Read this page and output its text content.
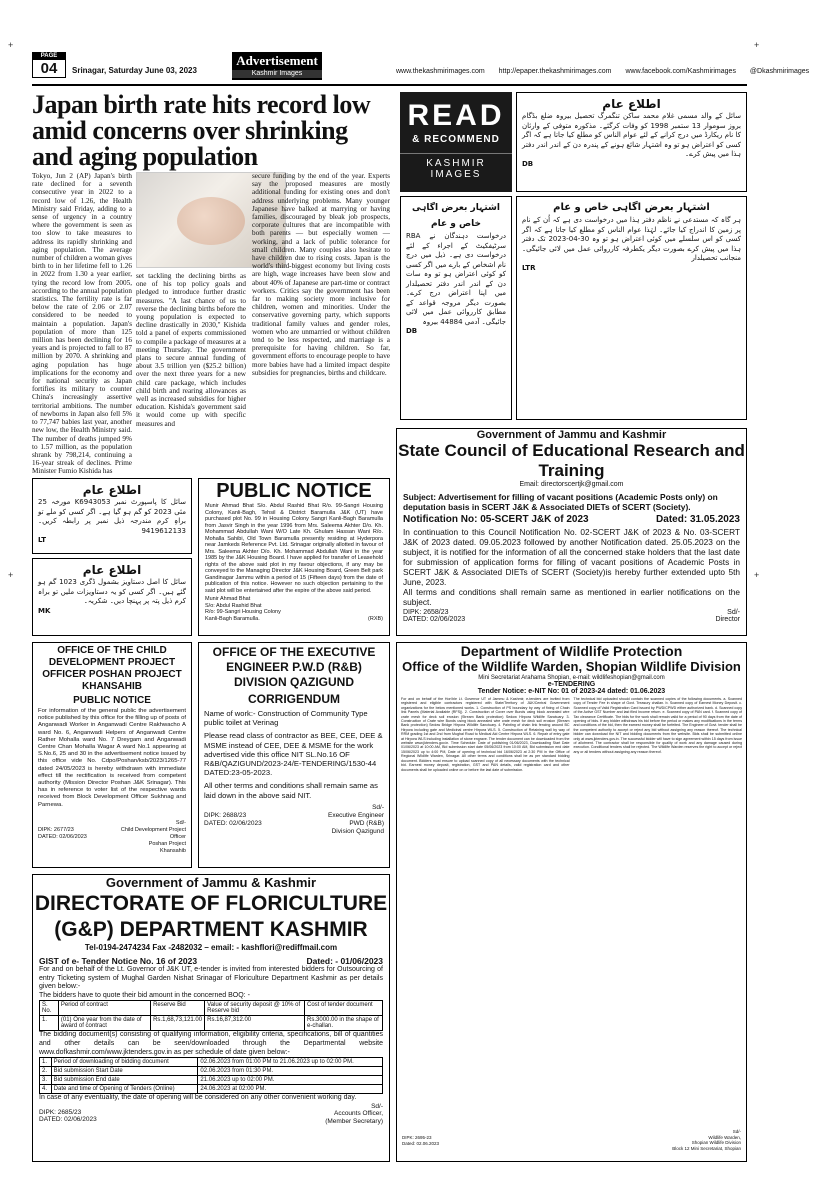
PAGE
04	Srinagar, Saturday June 03, 2023
Advertisement
Kashmir Images	www.thekashmirimages.com http://epaper.thekashmirimages.com www.facebook.com/Kashmirimages @Dkashmirimages
Japan birth rate hits record low amid concerns over shrinking and aging population
Tokyo, Jun 2 (AP) Japan's birth rate declined for a seventh consecutive year in 2022 to a record low of 1.26, the Health Ministry said Friday, adding to a sense of urgency in a country where the government is seen as too slow to take measures to address its rapidly shrinking and aging population. The average number of children a woman gives birth to in her lifetime fell to 1.26 in 2022 from 1.30 a year earlier, tying the record low from 2005, according to the annual population statistics. The fertility rate is far below the rate of 2.06 or 2.07 considered to be needed to maintain a population. Japan's population of more than 125 million has been declining for 16 years and is projected to fall to 87 million by 2070. A shrinking and aging population has huge implications for the economy and for national security as Japan fortifies its military to counter China's increasingly assertive territorial ambitions. The number of newborns in Japan also fell 5% to 77,747 babies last year, another new low, the Health Ministry said. The number of deaths jumped 9% to 1.57 million, as the population shrank by 798,214, continuing a 16-year streak of declines. Prime Minister Fumio Kishida has
set tackling the declining births as one of his top policy goals and pledged to introduce further drastic measures. "A last chance of us to reverse the declining births before the young population is expected to decline drastically in 2030," Kishida told a panel of experts commissioned to compile a package of measures at a meeting Thursday. The government plans to secure annual funding of about 3.5 trillion yen ($25.2 billion) over the next three years for a new child care package, which includes child birth and rearing allowances as well as increased subsidies for higher education. Kishida's government said it would come up with specific measures and
secure funding by the end of the year. Experts say the proposed measures are mostly additional funding for existing ones and don't address underlying problems. Many younger Japanese have balked at marrying or having families, discouraged by bleak job prospects, corporate cultures that are incompatible with both parents — but especially women — working, and a lack of public tolerance for small children. Many couples also hesitate to have children due to rising costs. Japan is the world's third-biggest economy but living costs are high, wage increases have been slow and about 40% of Japanese are part-time or contract workers. Critics say the government has been far to making society more inclusive for children, women and minorities. Under the conservative governing party, which supports traditional family values and gender roles, women who are unmarried or without children tend to be less respected, and marriage is a prerequisite for having children. So far, government efforts to encourage people to have more babies have had a limited impact despite subsidies for pregnancies, births and childcare.
READ
& RECOMMEND
KASHMIR IMAGES
اطلاع عام
سائل کے والد مسمی غلام محمد ساکن تنگمرگ تحصیل بیروہ ضلع بڈگام بروز سوموار 13 ستمبر 1998 کو وفات کرگئے۔ مذکورہ متوفی کے وارثان کا نام ریکارڈ میں درج کرانے کے لئے عوام الناس کو مطلع کیا جاتا ہے کہ اگر کسی کو اعتراض ہو تو وہ اشتہار شائع ہونے کے پندرہ دن کے اندر اندر دفتر ہذا میں پیش کرے۔
DB
اشتہار بعرض اگاہی خاص و عام
درخواست دہندگان نے RBA سرٹیفکیٹ کے اجراء کے لئے درخواست دی ہے۔ ذیل میں درج نام اشخاص کے بارے میں اگر کسی کو کوئی اعتراض ہو تو وہ سات دن کے اندر اندر دفتر تحصیلدار میں اپنا اعتراض درج کرے۔ بصورت دیگر مروجہ قواعد کے مطابق کارروائی عمل میں لائی جائیگی۔ آدمی 44884 بیروہ
DB
اشتہار بعرض اگاہی خاص و عام
ہر گاہ کہ مستدعی نے ناظم دفتر ہذا میں درخواست دی ہے کہ اُن کے نام پر زمین کا اندراج کیا جائے۔ لہٰذا عوام الناس کو مطلع کیا جاتا ہے کہ اگر کسی کو اس سلسلے میں کوئی اعتراض ہو تو وہ 30-04-2023 تک دفتر ہذا میں پیش کرے بصورت دیگر یکطرفہ کارروائی عمل میں لائی جائیگی۔ منجانب تحصیلدار
LTR
اطلاع عام
سائل کا پاسپورٹ نمبر K6943053 مورخہ 25 مئی 2023 کو گم ہو گیا ہے۔ اگر کسی کو ملے تو براہِ کرم مندرجہ ذیل نمبر پر رابطہ کریں۔ 9419612133
LT
اطلاع عام
سائل کا اصل دستاویز بشمول ڈگری 1023 گم ہو گئے ہیں۔ اگر کسی کو یہ دستاویزات ملیں تو براہ کرم ذیل پتہ پر پہنچا دیں۔ شکریہ۔
MK
PUBLIC NOTICE
Munir Ahmad Bhat S/o. Abdul Rashid Bhat R/o. 99-Sangri Housing Colony, Kanli-Bagh, Tehsil & District Baramulla J&K (UT) have purchased plot No. 99 in Housing Colony Sangri Kanli-Bagh Baramulla from Jasvir Singh in the year 1996 from Mrs. Saleema Akhter D/o. Kh. Mohammad Abdullah Wani W/O Late Kh. Ghulam Hassan Wani R/o. Mohalla Sahibi, Old Town Baramulla presently residing at Hyderpora near Jamkeds Reference Pvt. Ltd. Srinagar originally allotted in favour of Mrs. Saleema Akhter D/o. Kh. Mohammad Abdullah Wani in the year 1985 by the J&K Housing Board. I have applied for transfer of Leasehold rights of the above said plot in my favour objections, if any may be conveyed to the Managing Director J&K Housing Board, Green Belt park Gandinagar Jammu within a period of 15 (Fifteen days) from the date of publication of this notice. However no such objection pertaining to the said plot will be entertained after the expire of the above said period.
Munir Ahmad Bhat
S/o: Abdul Rashid Bhat
R/o: 99-Sangri Housing Colony
Kanli-Bagh Baramulla.	(RXB)
Government of Jammu and Kashmir
State Council of Educational Research and Training
Email: directorscertjk@gmail.com
Subject: Advertisement for filling of vacant positions (Academic Posts only) on deputation basis in SCERT J&K & Associated DIETs of SCERT (Society).
Notification No: 05-SCERT J&K of 2023	Dated: 31.05.2023
In continuation to this Council Notification No. 02-SCERT J&K of 2023 & No. 03-SCERT J&K of 2023 dated. 09.05.2023 followed by another Notification dated. 25.05.2023 on the subject, it is notified for the information of all the concerned stake holders that the last date for submission of application forms for filling of vacant positions of Academic Posts in SCERT J&K & Associated DIETs of SCERT (Society)is hereby further extended upto 5th June, 2023.
All terms and conditions shall remain same as mentioned in earlier notifications on the subject.
DIPK: 2658/23
DATED: 02/06/2023
Sd/-
Director
OFFICE OF THE CHILD DEVELOPMENT PROJECT OFFICER POSHAN PROJECT KHANSAHIB
PUBLIC NOTICE
For information of the general public the advertisement notice published by this office for the filling up of posts of Anganwadi Worker in Anganwadi Centre Rakhwacho A ward No. 6, Anganwadi Helpers of Anganwadi Centre Rather Mohalla ward No. 7 Dreygam and Anganwadi Centre Chan Mohalla Wagar A ward No.1 appearing at S.No.6, 25 and 30 in the advertisement notice issued by this office vide No. Cdpo/Poshan/ksb/2023/1265-77 dated 24/05/2023 is hereby withdrawn with immediate effect till the rectification is received from competent authority (Mission Director Poshan J&K Srinagar). This has in reference to voter list of the respective wards received from Block Development Officer Sukhnag and Parnewa.
DIPK: 2677/23
DATED: 02/06/2023
Sd/-
Child Development Project
Officer
Poshan Project
Khansahib
OFFICE OF THE EXECUTIVE ENGINEER P.W.D (R&B) DIVISION QAZIGUND
CORRIGENDUM
Name of work:- Construction of Community Type public toilet at Verinag
Please read class of contractor as BEE, CEE, DEE & MSME instead of CEE, DEE & MSME for the work advertised vide this office NIT SL.No.16 OF R&B/QAZIGUND/2023-24/E-TENDERING/1530-44 DATED:23-05-2023.
All other terms and conditions shall remain same as laid down in the above said NIT.
DIPK: 2688/23
DATED: 02/06/2023
Sd/-
Executive Engineer
PWD (R&B)
Division Qazigund
Department of Wildlife Protection
Office of the Wildlife Warden, Shopian Wildlife Division
Mini Secretariat Arahama Shopian, e-mail: wildlifeshopian@gmail.com
e-TENDERING
Tender Notice: e-NIT No: 01 of 2023-24 dated: 01.06.2023
For and on behalf of the Hon'ble Lt. Governor UT of Jammu & Kashmir, e-tenders are invited from registered and eligible contractors registered with State/Territory of J&K/Central Government organizations for the below mentioned works. 1. Construction of PS boundary by way of fixing of Chain link Panels (Material Available (RFS)). 2. Construction of Cover over Bunds using block annealed wire crate mesh for deck soil erosion (Stream Bank protection) Sedow Hirpora Wildlife Sanctuary. 3. Construction of Crate wire Bunds using block annealed wire crate mesh for deck soil erosion (Stream Bank protection) Sedow Bridge Hirpora Wildlife Sanctuary. 4. Painting of chain link fencing around BC Hirpora including gate and Medicinal centre Hirpora WLS. 5. Construction of Retaining wall by way of RRM grading 1st and 2nd from Mughal Road to Medical Aid Centre Hirpora WLS. 6. Repair of entry gate at Hirpora WLS including installation of stone engrave. The tender document can be downloaded from the website www.jktenders.gov.in. Time Schedule: Date of publishing 01/06/2023, Downloading Start Date 01/06/2023 at 10:00 AM, Bid submission start date 05/06/2023 from 10:00 AM, Bid submission end date 15/06/2023 up to 4:00 PM, Date of opening of technical bid 16/06/2023 at 2:30 PM in the Office of Regional Wildlife Warden, Srinagar. All other terms and conditions shall be as per standard bidding document. Bidders must ensure to upload scanned copy of all necessary documents with the technical bid. Earnest money deposit, registration, GST and PAN details, valid registration card and other documents shall be uploaded online on or before the last date of submission.
The technical bid uploaded should contain the scanned copies of the following documents. a. Scanned copy of Tender Fee in shape of Govt. Treasury challan. b. Scanned copy of Earnest Money Deposit. c. Scanned copy of Valid Registration Card issued by PWD/CPWD either authorized bank. d. Scanned copy of the Active GST Number and last filed Income return. e. Scanned copy of PAN card. f. Scanned copy of Tax clearance Certificate. The bids for the work shall remain valid for a period of 90 days from the date of opening of bids. If any bidder withdraws his bid before the period or makes any modifications in the terms and conditions of the bid, then the earnest money shall be forfeited. The Engineer of Govt. tender shall be the competent authority to accept or reject any bid without assigning any reason thereof. The technical bidder can download the NIT and bidding documents from the website. Bids shall be submitted online only at www.jktenders.gov.in. The successful bidder will have to sign agreement within 15 days from issue of allotment. The contractor shall be responsible for quality of work and any damage caused during execution. Conditional tenders shall be rejected. The Wildlife Warden reserves the right to accept or reject any or all tenders without assigning any reason thereof.
DIPK: 2695-23
Dated: 02.06.2023
Sd/-
Wildlife Warden,
Shopian Wildlife Division
Block 12 Mini Secretariat, Shopian
Government of Jammu & Kashmir
DIRECTORATE OF FLORICULTURE (G&P) DEPARTMENT KASHMIR
Tel-0194-2474234 Fax -2482032 – email: - kashflori@rediffmail.com
GIST of e- Tender Notice No. 16 of 2023	Dated: - 01/06/2023
For and on behalf of the Lt. Governor of J&K UT, e-tender is invited from interested bidders for Outsourcing of entry Ticketing system of Mughal Garden Nishat Srinagar of Floriculture Department Kashmir as per details given below:-
The bidders have to quote their bid amount in the concerned BOQ: -
S. No.	Period of contract	Reserve Bid	Value of security deposit @ 10% of Reserve bid	Cost of tender document
1.	(01) One year from the date of award of contract	Rs.1,68,73,121.00	Rs.16,87,312.00	Rs.3000.00 in the shape of e-challan.
The bidding document(s) consisting of qualifying information, eligibility criteria, specifications, bill of quantities and other details can be seen/downloaded through the Departmental website www.dofkashmir.com/www.jktenders.gov.in as per schedule of date given below:-
1.	Period of downloading of bidding document	02.06.2023 from 01:00 PM to 21.06.2023 up to 02:00 PM.
2.	Bid submission Start Date	02.06.2023 from 01:30 PM.
3.	Bid submission End date	21.06.2023 up to 02:00 PM.
4.	Date and time of Opening of Tenders (Online)	24.06.2023 at 02:00 PM.
In case of any eventuality, the date of opening will be considered on any other convenient working day.
DIPK: 2685/23
DATED: 02/06/2023
Sd/-
Accounts Officer,
(Member Secretary)
+	+
+	+
